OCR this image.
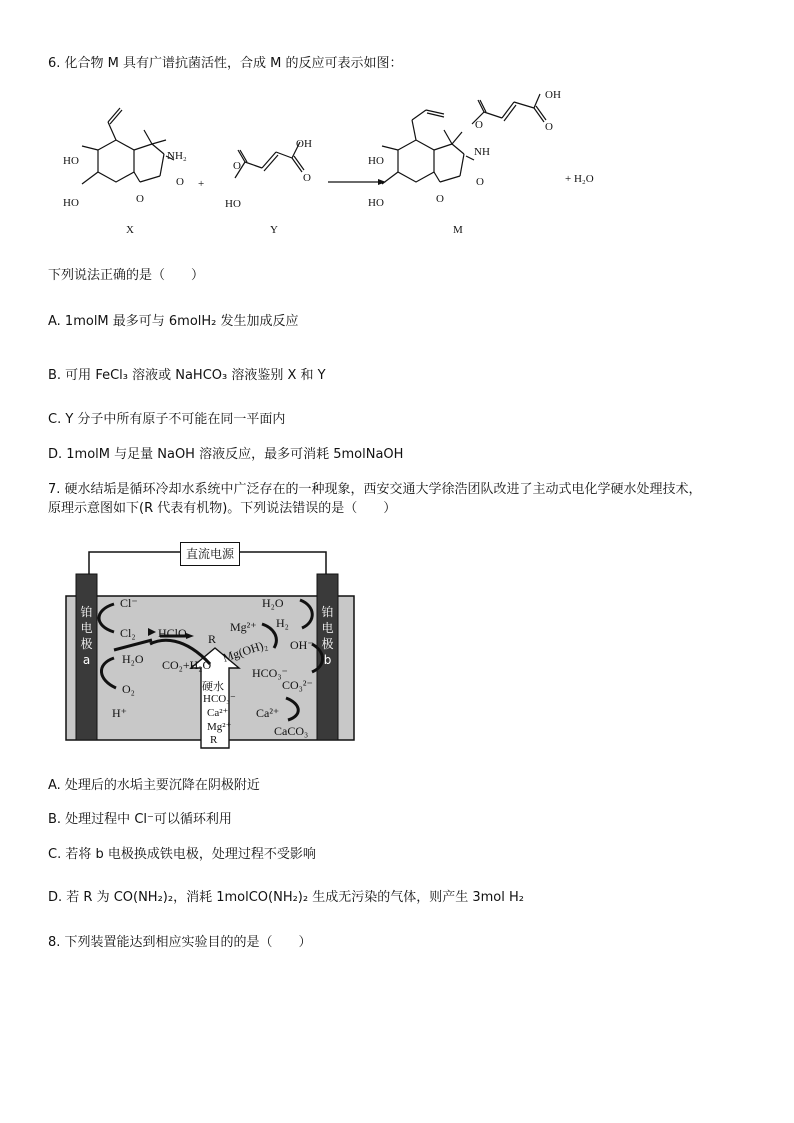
6. 化合物 M 具有广谱抗菌活性，合成 M 的反应可表示如图：
HO
HO
NH₂
O
O
+
HO
O
OH
O
HO
HO
NH
O
OH
O
O
O
+ H₂O
X	Y	M
下列说法正确的是（　　）
A. 1molM 最多可与 6molH₂ 发生加成反应
B. 可用 FeCl₃ 溶液或 NaHCO₃ 溶液鉴别 X 和 Y
C. Y 分子中所有原子不可能在同一平面内
D. 1molM 与足量 NaOH 溶液反应，最多可消耗 5molNaOH
7. 硬水结垢是循环冷却水系统中广泛存在的一种现象，西安交通大学徐浩团队改进了主动式电化学硬水处理技术，
原理示意图如下(R 代表有机物)。下列说法错误的是（　　）
直流电源
铂
电
极
a
铂
电
极
b
Cl⁻
Cl₂ HClO R
CO₂+H₂O
H₂O
O₂
H⁺
H₂O
H₂
Mg²⁺
Mg(OH)₂ OH⁻
HCO₃⁻
CO₃²⁻
Ca²⁺
CaCO₃
硬水
HCO₃⁻
Ca²⁺
Mg²⁺
R
A. 处理后的水垢主要沉降在阴极附近
B. 处理过程中 Cl⁻可以循环利用
C. 若将 b 电极换成铁电极，处理过程不受影响
D. 若 R 为 CO(NH₂)₂，消耗 1molCO(NH₂)₂ 生成无污染的气体，则产生 3mol H₂
8. 下列装置能达到相应实验目的的是（　　）
